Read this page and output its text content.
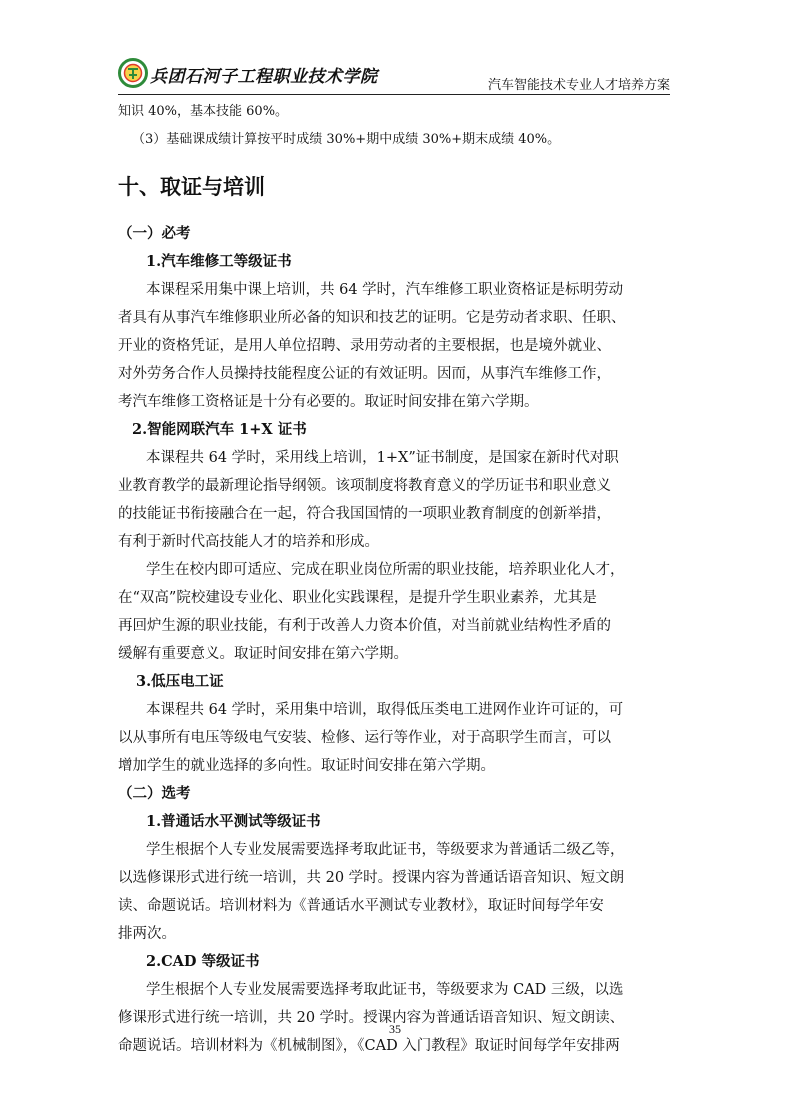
兵团石河子工程职业技术学院	汽车智能技术专业人才培养方案

知识 40%，基本技能 60%。

（3）基础课成绩计算按平时成绩 30%+期中成绩 30%+期末成绩 40%。

十、取证与培训

（一）必考

1.汽车维修工等级证书

本课程采用集中课上培训，共 64 学时，汽车维修工职业资格证是标明劳动

者具有从事汽车维修职业所必备的知识和技艺的证明。它是劳动者求职、任职、

开业的资格凭证，是用人单位招聘、录用劳动者的主要根据，也是境外就业、

对外劳务合作人员操持技能程度公证的有效证明。因而，从事汽车维修工作，

考汽车维修工资格证是十分有必要的。取证时间安排在第六学期。

2.智能网联汽车 1+X 证书

本课程共 64 学时，采用线上培训，1+X”证书制度，是国家在新时代对职

业教育教学的最新理论指导纲领。该项制度将教育意义的学历证书和职业意义

的技能证书衔接融合在一起，符合我国国情的一项职业教育制度的创新举措，

有利于新时代高技能人才的培养和形成。

学生在校内即可适应、完成在职业岗位所需的职业技能，培养职业化人才，

在“双高”院校建设专业化、职业化实践课程，是提升学生职业素养，尤其是

再回炉生源的职业技能，有利于改善人力资本价值，对当前就业结构性矛盾的

缓解有重要意义。取证时间安排在第六学期。

3.低压电工证

本课程共 64 学时，采用集中培训，取得低压类电工进网作业许可证的，可

以从事所有电压等级电气安装、检修、运行等作业，对于高职学生而言，可以

增加学生的就业选择的多向性。取证时间安排在第六学期。

（二）选考

1.普通话水平测试等级证书

学生根据个人专业发展需要选择考取此证书，等级要求为普通话二级乙等，

以选修课形式进行统一培训，共 20 学时。授课内容为普通话语音知识、短文朗

读、命题说话。培训材料为《普通话水平测试专业教材》，取证时间每学年安

排两次。

2.CAD 等级证书

学生根据个人专业发展需要选择考取此证书，等级要求为 CAD 三级，以选

修课形式进行统一培训，共 20 学时。授课内容为普通话语音知识、短文朗读、

命题说话。培训材料为《机械制图》，《CAD 入门教程》取证时间每学年安排两

35
